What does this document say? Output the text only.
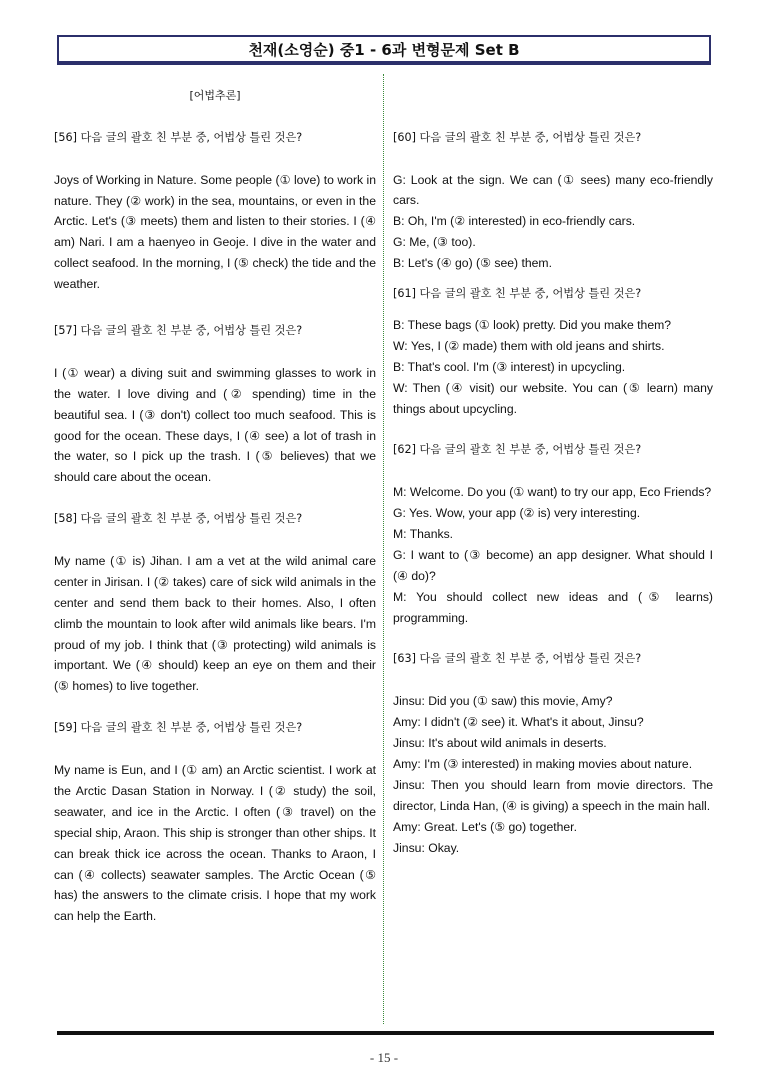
천재(소영순) 중1 - 6과 변형문제 Set B
[어법추론]
[56] 다음 글의 괄호 친 부분 중, 어법상 틀린 것은?

Joys of Working in Nature. Some people (① love) to work in nature. They (② work) in the sea, mountains, or even in the Arctic. Let's (③ meets) them and listen to their stories. I (④ am) Nari. I am a haenyeo in Geoje. I dive in the water and collect seafood. In the morning, I (⑤ check) the tide and the weather.

[57] 다음 글의 괄호 친 부분 중, 어법상 틀린 것은?

I (① wear) a diving suit and swimming glasses to work in the water. I love diving and (② spending) time in the beautiful sea. I (③ don't) collect too much seafood. This is good for the ocean. These days, I (④ see) a lot of trash in the water, so I pick up the trash. I (⑤ believes) that we should care about the ocean.

[58] 다음 글의 괄호 친 부분 중, 어법상 틀린 것은?

My name (① is) Jihan. I am a vet at the wild animal care center in Jirisan. I (② takes) care of sick wild animals in the center and send them back to their homes. Also, I often climb the mountain to look after wild animals like bears. I'm proud of my job. I think that (③ protecting) wild animals is important. We (④ should) keep an eye on them and their (⑤ homes) to live together.

[59] 다음 글의 괄호 친 부분 중, 어법상 틀린 것은?

My name is Eun, and I (① am) an Arctic scientist. I work at the Arctic Dasan Station in Norway. I (② study) the soil, seawater, and ice in the Arctic. I often (③ travel) on the special ship, Araon. This ship is stronger than other ships. It can break thick ice across the ocean. Thanks to Araon, I can (④ collects) seawater samples. The Arctic Ocean (⑤ has) the answers to the climate crisis. I hope that my work can help the Earth.

[60] 다음 글의 괄호 친 부분 중, 어법상 틀린 것은?

G: Look at the sign. We can (① sees) many eco-friendly cars.

B: Oh, I'm (② interested) in eco-friendly cars.

G: Me, (③ too).

B: Let's (④ go) (⑤ see) them.

[61] 다음 글의 괄호 친 부분 중, 어법상 틀린 것은?

B: These bags (① look) pretty. Did you make them?

W: Yes, I (② made) them with old jeans and shirts.

B: That's cool. I'm (③ interest) in upcycling.

W: Then (④ visit) our website. You can (⑤ learn) many things about upcycling.

[62] 다음 글의 괄호 친 부분 중, 어법상 틀린 것은?

M: Welcome. Do you (① want) to try our app, Eco Friends?

G: Yes. Wow, your app (② is) very interesting.

M: Thanks.

G: I want to (③ become) an app designer. What should I (④ do)?

M: You should collect new ideas and (⑤ learns) programming.

[63] 다음 글의 괄호 친 부분 중, 어법상 틀린 것은?

Jinsu: Did you (① saw) this movie, Amy?

Amy: I didn't (② see) it. What's it about, Jinsu?

Jinsu: It's about wild animals in deserts.

Amy: I'm (③ interested) in making movies about nature.

Jinsu: Then you should learn from movie directors. The director, Linda Han, (④ is giving) a speech in the main hall.

Amy: Great. Let's (⑤ go) together.

Jinsu: Okay.

- 15 -
